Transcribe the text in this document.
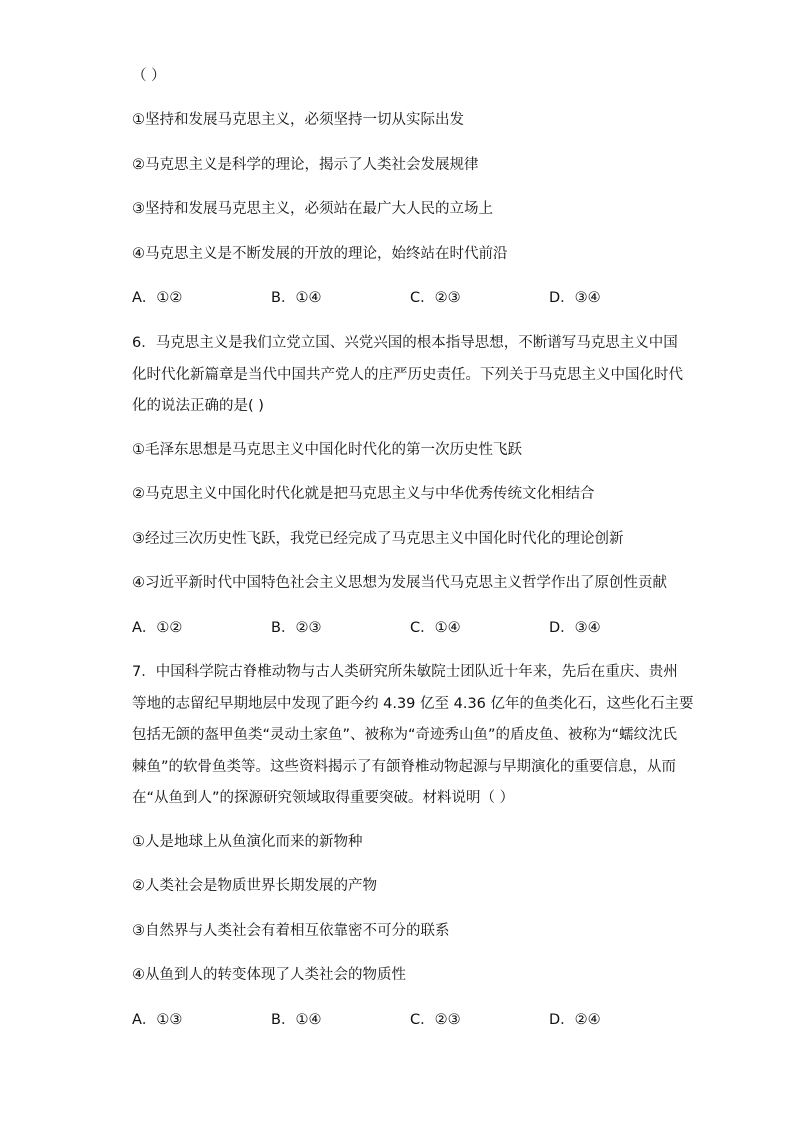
（ ）
①坚持和发展马克思主义，必须坚持一切从实际出发
②马克思主义是科学的理论，揭示了人类社会发展规律
③坚持和发展马克思主义，必须站在最广大人民的立场上
④马克思主义是不断发展的开放的理论，始终站在时代前沿
A．①②	B．①④	C．②③	D．③④
6．马克思主义是我们立党立国、兴党兴国的根本指导思想，不断谱写马克思主义中国
化时代化新篇章是当代中国共产党人的庄严历史责任。下列关于马克思主义中国化时代
化的说法正确的是( )
①毛泽东思想是马克思主义中国化时代化的第一次历史性飞跃
②马克思主义中国化时代化就是把马克思主义与中华优秀传统文化相结合
③经过三次历史性飞跃，我党已经完成了马克思主义中国化时代化的理论创新
④习近平新时代中国特色社会主义思想为发展当代马克思主义哲学作出了原创性贡献
A．①②	B．②③	C．①④	D．③④
7．中国科学院古脊椎动物与古人类研究所朱敏院士团队近十年来，先后在重庆、贵州
等地的志留纪早期地层中发现了距今约 4.39 亿至 4.36 亿年的鱼类化石，这些化石主要
包括无颌的盔甲鱼类“灵动土家鱼”、被称为“奇迹秀山鱼”的盾皮鱼、被称为“蠕纹沈氏
棘鱼”的软骨鱼类等。这些资料揭示了有颌脊椎动物起源与早期演化的重要信息，从而
在“从鱼到人”的探源研究领域取得重要突破。材料说明（ ）
①人是地球上从鱼演化而来的新物种
②人类社会是物质世界长期发展的产物
③自然界与人类社会有着相互依靠密不可分的联系
④从鱼到人的转变体现了人类社会的物质性
A．①③	B．①④	C．②③	D．②④
